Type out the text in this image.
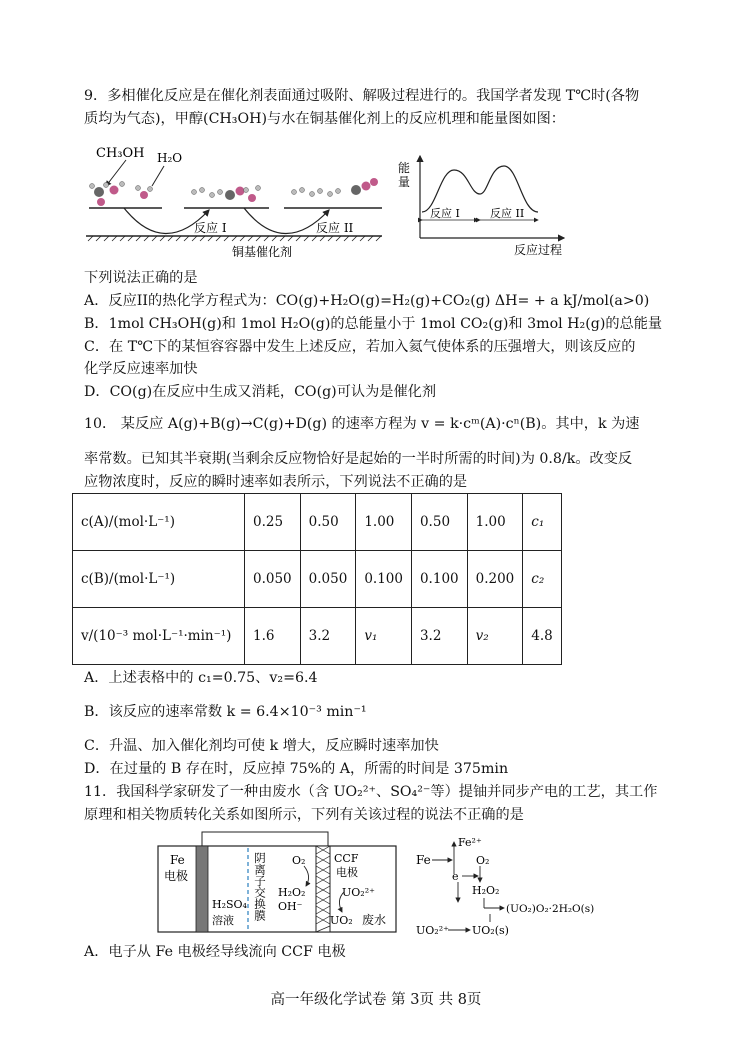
9．多相催化反应是在催化剂表面通过吸附、解吸过程进行的。我国学者发现 T℃时(各物
质均为气态)，甲醇(CH₃OH)与水在铜基催化剂上的反应机理和能量图如图：
CH₃OH H₂O
反应 I	反应 II
铜基催化剂
能
量
反应 I	反应 II
反应过程
下列说法正确的是
A．反应II的热化学方程式为：CO(g)+H₂O(g)=H₂(g)+CO₂(g) ΔH= + a kJ/mol(a>0)
B．1mol CH₃OH(g)和 1mol H₂O(g)的总能量小于 1mol CO₂(g)和 3mol H₂(g)的总能量
C．在 T℃下的某恒容容器中发生上述反应，若加入氦气使体系的压强增大，则该反应的
化学反应速率加快
D．CO(g)在反应中生成又消耗，CO(g)可认为是催化剂
10． 某反应 A(g)+B(g)→C(g)+D(g) 的速率方程为 v = k·cᵐ(A)·cⁿ(B)。其中，k 为速
率常数。已知其半衰期(当剩余反应物恰好是起始的一半时所需的时间)为 0.8/k。改变反
应物浓度时，反应的瞬时速率如表所示，下列说法不正确的是
c(A)/(mol·L⁻¹)	0.25	0.50	1.00	0.50	1.00	c₁
c(B)/(mol·L⁻¹)	0.050	0.050	0.100	0.100	0.200	c₂
v/(10⁻³ mol·L⁻¹·min⁻¹)	1.6	3.2	v₁	3.2	v₂	4.8
A．上述表格中的 c₁=0.75、v₂=6.4
B．该反应的速率常数 k = 6.4×10⁻³ min⁻¹
C．升温、加入催化剂均可使 k 增大，反应瞬时速率加快
D．在过量的 B 存在时，反应掉 75%的 A，所需的时间是 375min
11．我国科学家研发了一种由废水（含 UO₂²⁺、SO₄²⁻等）提铀并同步产电的工艺，其工作
原理和相关物质转化关系如图所示，下列有关该过程的说法不正确的是
Fe
电极	阴离子交换膜
H₂SO₄
溶液
O₂
H₂O₂
OH⁻
CCF
电极
UO₂²⁺
UO₂ 废水
Fe
Fe²⁺
e
O₂
H₂O₂
(UO₂)O₂·2H₂O(s)
UO₂²⁺ UO₂(s)
A．电子从 Fe 电极经导线流向 CCF 电极
高一年级化学试卷 第 3页 共 8页
